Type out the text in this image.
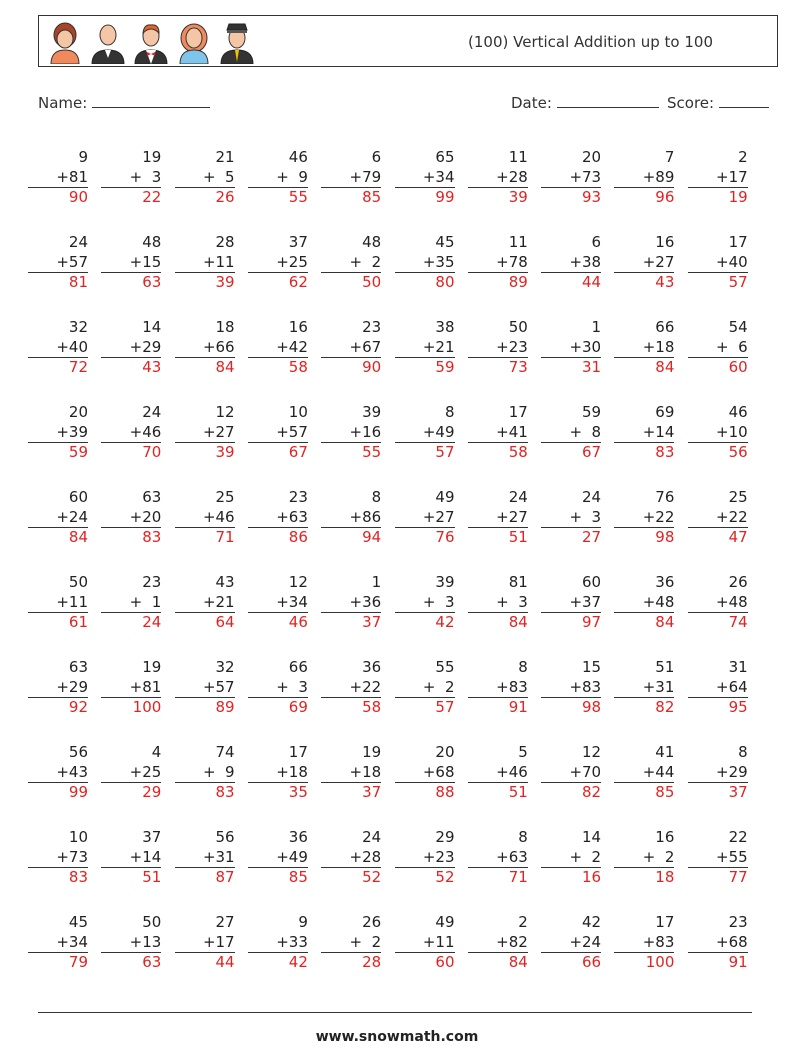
(100) Vertical Addition up to 100
Name:	Date:	Score:
9
+81
90
19
+ 3
22
21
+ 5
26
46
+ 9
55
6
+79
85
65
+34
99
11
+28
39
20
+73
93
7
+89
96
2
+17
19
24
+57
81
48
+15
63
28
+11
39
37
+25
62
48
+ 2
50
45
+35
80
11
+78
89
6
+38
44
16
+27
43
17
+40
57
32
+40
72
14
+29
43
18
+66
84
16
+42
58
23
+67
90
38
+21
59
50
+23
73
1
+30
31
66
+18
84
54
+ 6
60
20
+39
59
24
+46
70
12
+27
39
10
+57
67
39
+16
55
8
+49
57
17
+41
58
59
+ 8
67
69
+14
83
46
+10
56
60
+24
84
63
+20
83
25
+46
71
23
+63
86
8
+86
94
49
+27
76
24
+27
51
24
+ 3
27
76
+22
98
25
+22
47
50
+11
61
23
+ 1
24
43
+21
64
12
+34
46
1
+36
37
39
+ 3
42
81
+ 3
84
60
+37
97
36
+48
84
26
+48
74
63
+29
92
19
+81
100
32
+57
89
66
+ 3
69
36
+22
58
55
+ 2
57
8
+83
91
15
+83
98
51
+31
82
31
+64
95
56
+43
99
4
+25
29
74
+ 9
83
17
+18
35
19
+18
37
20
+68
88
5
+46
51
12
+70
82
41
+44
85
8
+29
37
10
+73
83
37
+14
51
56
+31
87
36
+49
85
24
+28
52
29
+23
52
8
+63
71
14
+ 2
16
16
+ 2
18
22
+55
77
45
+34
79
50
+13
63
27
+17
44
9
+33
42
26
+ 2
28
49
+11
60
2
+82
84
42
+24
66
17
+83
100
23
+68
91
www.snowmath.com
